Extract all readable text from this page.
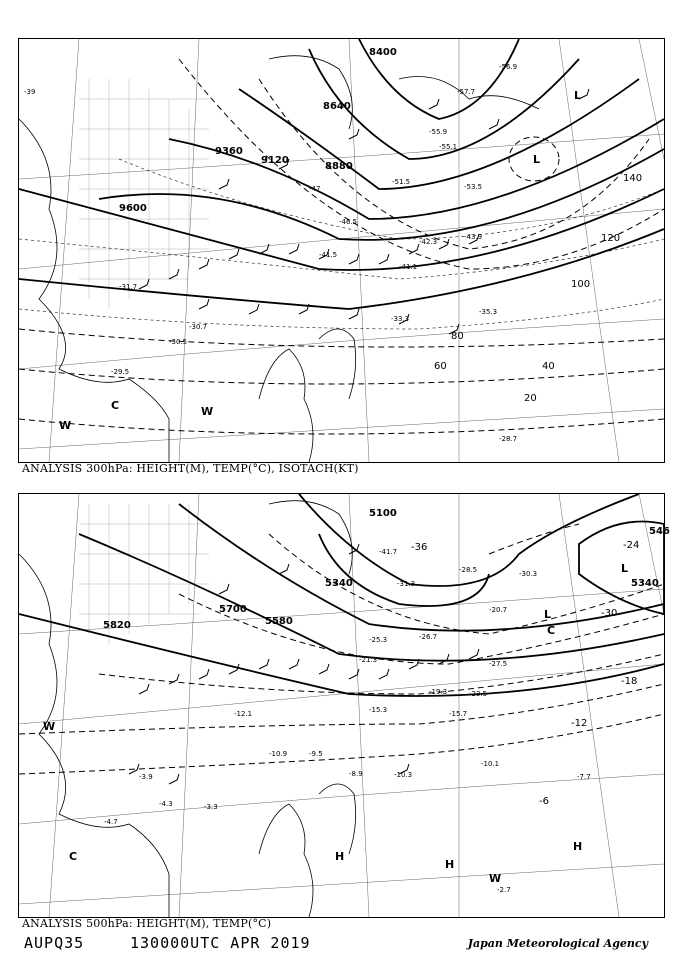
8400
8640
8880
9360
9120
9600
20
40
60
80
100
120
140
-39
-41.1
-41.5
-42.3
-43.9
-46.5
-47
-51.5
-53.5
-55.1
-55.9
-33.3
-35.3
-31.7
-30.7
-30.5
-29.5
-28.7
-57.7
-56.9
L
L
C	W
W
ANALYSIS 300hPa: HEIGHT(M), TEMP(°C), ISOTACH(KT)
5100
5340	5340
5700
5580
5820
546
-36
-30
-24
-18
-12
-6
-28.5
-27.5
-23.5
-19.3
-15.3	-15.7
-10.1
-10.3	-7.7
-9.5
-8.9
-10.9
-12.1
-21.3
-25.3	-26.7
-20.7
-30.3
-31.3
-41.7
-3.3
-3.9
-4.3
-4.7
-2.7
L
L
C
H
H
H
W
W
C
ANALYSIS 500hPa: HEIGHT(M), TEMP(°C)
AUPQ35	130000UTC APR 2019	Japan Meteorological Agency
